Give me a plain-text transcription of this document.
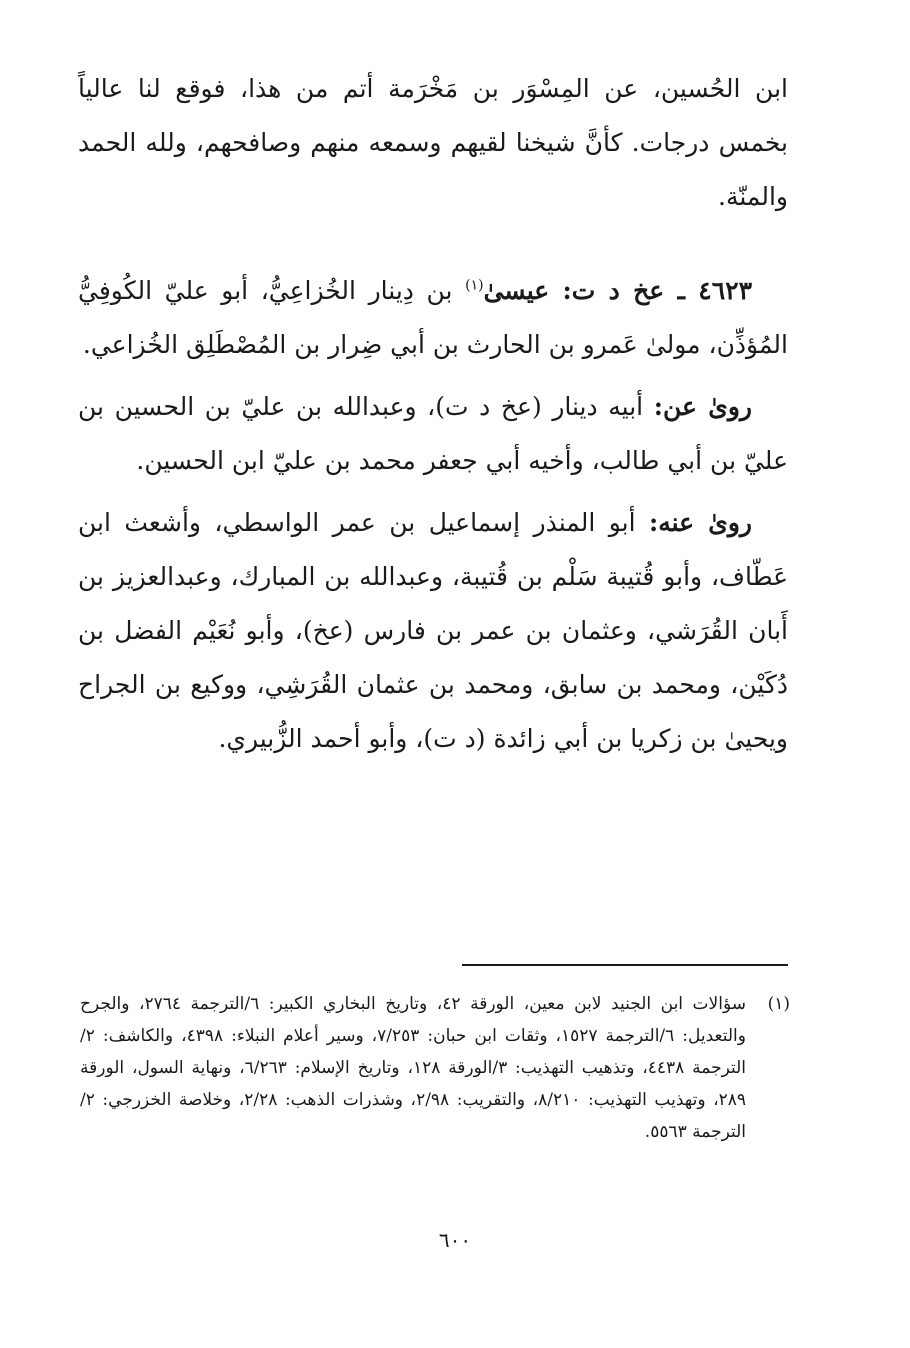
ابن الحُسين، عن المِسْوَر بن مَخْرَمة أتم من هذا، فوقع لنا عالياً بخمس درجات. كأنَّ شيخنا لقيهم وسمعه منهم وصافحهم، ولله الحمد والمنّة.

٤٦٢٣ ـ عخ د ت: عيسىٰ$^{(١)}$ بن دِينار الخُزاعِيُّ، أبو عليّ الكُوفِيُّ المُؤذِّن، مولىٰ عَمرو بن الحارث بن أبي ضِرار بن المُصْطَلِق الخُزاعي.

روىٰ عن: أبيه دينار (عخ د ت)، وعبدالله بن عليّ بن الحسين بن عليّ بن أبي طالب، وأخيه أبي جعفر محمد بن عليّ ابن الحسين.

روىٰ عنه: أبو المنذر إسماعيل بن عمر الواسطي، وأشعث ابن عَطّاف، وأبو قُتيبة سَلْم بن قُتيبة، وعبدالله بن المبارك، وعبدالعزيز بن أَبان القُرَشي، وعثمان بن عمر بن فارس (عخ)، وأبو نُعَيْم الفضل بن دُكَيْن، ومحمد بن سابق، ومحمد بن عثمان القُرَشِي، ووكيع بن الجراح ويحيىٰ بن زكريا بن أبي زائدة (د ت)، وأبو أحمد الزُّبيري.

(١)
سؤالات ابن الجنيد لابن معين، الورقة ٤٢، وتاريخ البخاري الكبير: ٦/الترجمة ٢٧٦٤، والجرح والتعديل: ٦/الترجمة ١٥٢٧، وثقات ابن حبان: ٧/٢٥٣، وسير أعلام النبلاء: ٤٣٩٨، والكاشف: ٢/الترجمة ٤٤٣٨، وتذهيب التهذيب: ٣/الورقة ١٢٨، وتاريخ الإسلام: ٦/٢٦٣، ونهاية السول، الورقة ٢٨٩، وتهذيب التهذيب: ٨/٢١٠، والتقريب: ٢/٩٨، وشذرات الذهب: ٢/٢٨، وخلاصة الخزرجي: ٢/الترجمة ٥٥٦٣.
٦٠٠
